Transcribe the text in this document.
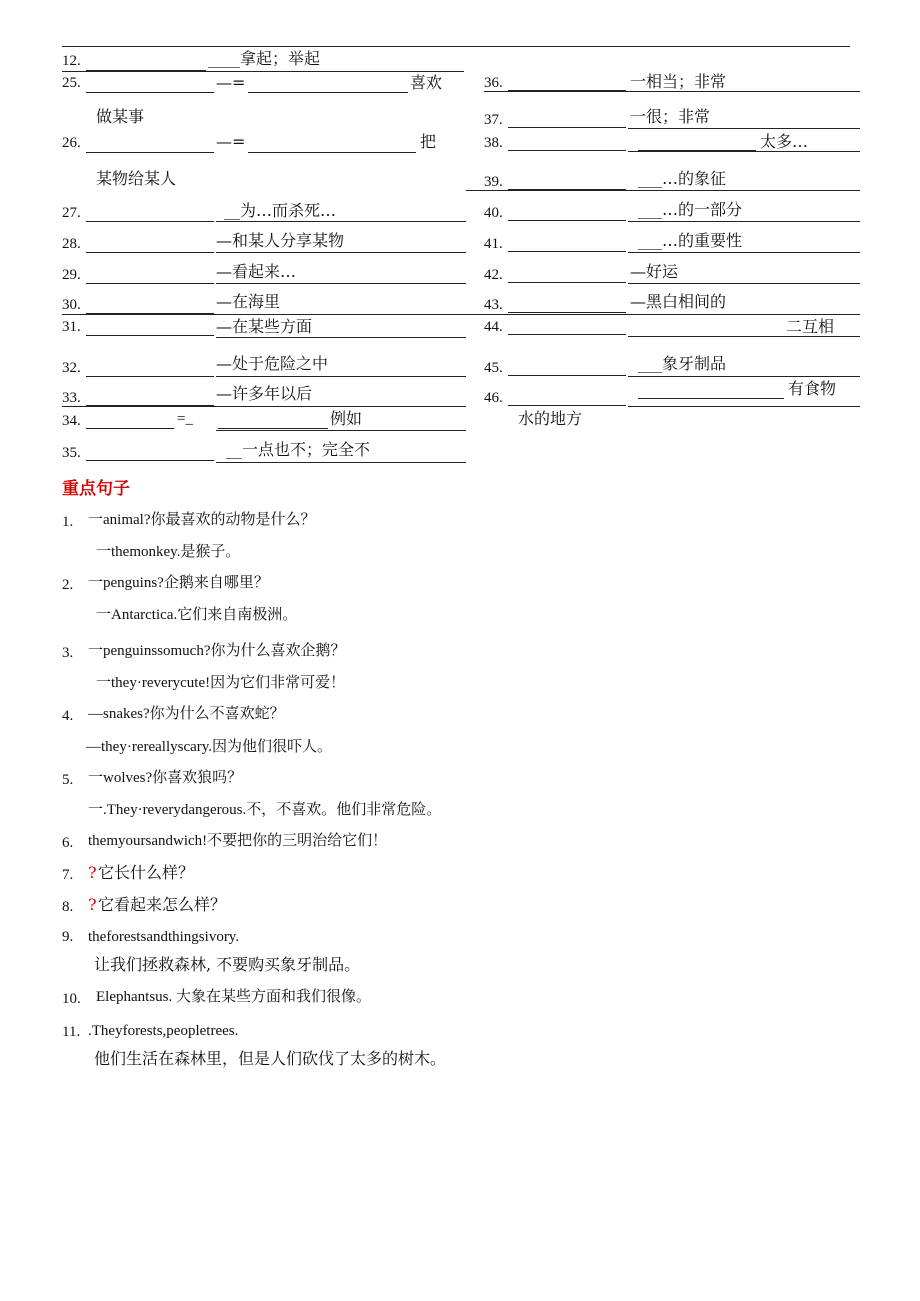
12.	____拿起；举起
25.	—=	喜欢
做某事
26.	—=	把
某物给某人
27.	__为…而杀死…
28.	—和某人分享某物
29.	—看起来…
30.	—在海里
31.	—在某些方面
32.	—处于危险之中
33.	—许多年以后
34.	=_	例如
35.	__一点也不；完全不
36.	一相当；非常
37.	一很；非常
38.	太多…
39.	___…的象征
40.	___…的一部分
41.	___…的重要性
42.	—好运
43.	—黑白相间的
44.	二互相
45.	___象牙制品
46.	有食物
水的地方
重点句子
1. 一animal?你最喜欢的动物是什么？
一themonkey.是猴子。
2. 一penguins?企鹅来自哪里？
一Antarctica.它们来自南极洲。
3. 一penguinssomuch?你为什么喜欢企鹅？
一they·reverycute!因为它们非常可爱！
4. —snakes?你为什么不喜欢蛇？
—they·rereallyscary.因为他们很吓人。
5. 一wolves?你喜欢狼吗？
一.They·reverydangerous.不，不喜欢。他们非常危险。
6. themyoursandwich!不要把你的三明治给它们！
7. ? 它长什么样？
8. ? 它看起来怎么样？
9. theforestsandthingsivory.
让我们拯救森林, 不要购买象牙制品。
10. Elephantsus. 大象在某些方面和我们很像。
11. .Theyforests,peopletrees.
他们生活在森林里，但是人们砍伐了太多的树木。
